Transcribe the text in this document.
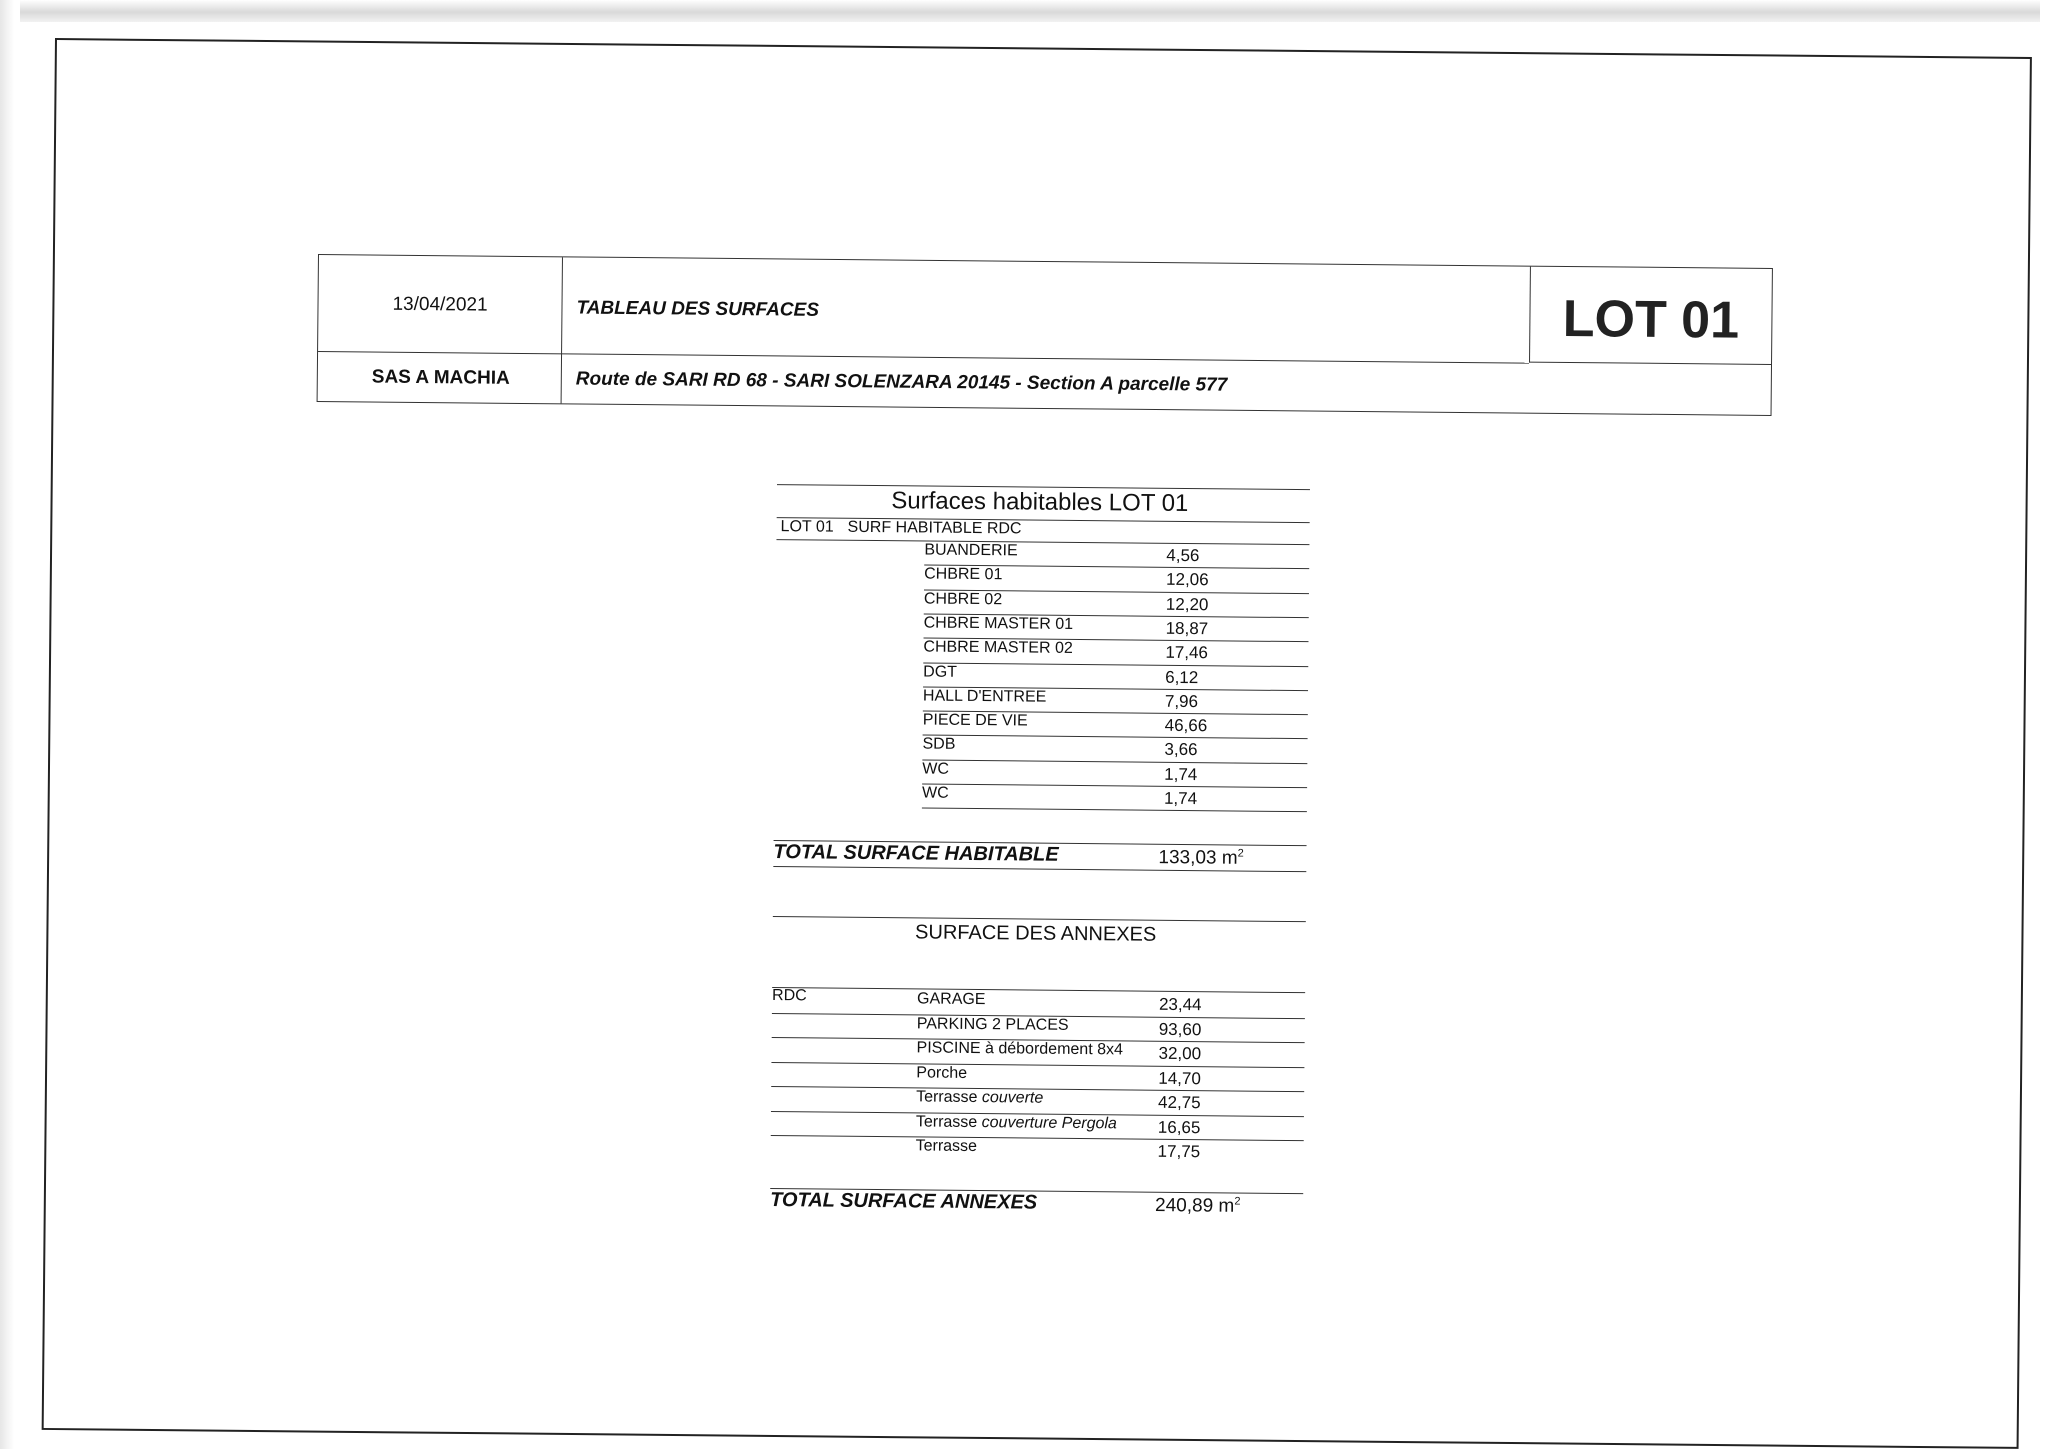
13/04/2021	TABLEAU DES SURFACES
SAS A MACHIA	Route de SARI RD 68 - SARI SOLENZARA 20145 - Section A parcelle 577
LOT 01
Surfaces habitables LOT 01
LOT 01 SURF HABITABLE RDC
BUANDERIE	4,56
CHBRE 01	12,06
CHBRE 02	12,20
CHBRE MASTER 01	18,87
CHBRE MASTER 02	17,46
DGT	6,12
HALL D'ENTREE	7,96
PIECE DE VIE	46,66
SDB	3,66
WC	1,74
WC	1,74
TOTAL SURFACE HABITABLE	133,03 $m^2$
SURFACE DES ANNEXES
RDC	GARAGE	23,44
PARKING 2 PLACES	93,60
PISCINE à débordement 8x4 32,00
Porche	14,70
Terrasse couverte	42,75
Terrasse couverture Pergola 16,65
Terrasse	17,75
TOTAL SURFACE ANNEXES	240,89 $m^2$
